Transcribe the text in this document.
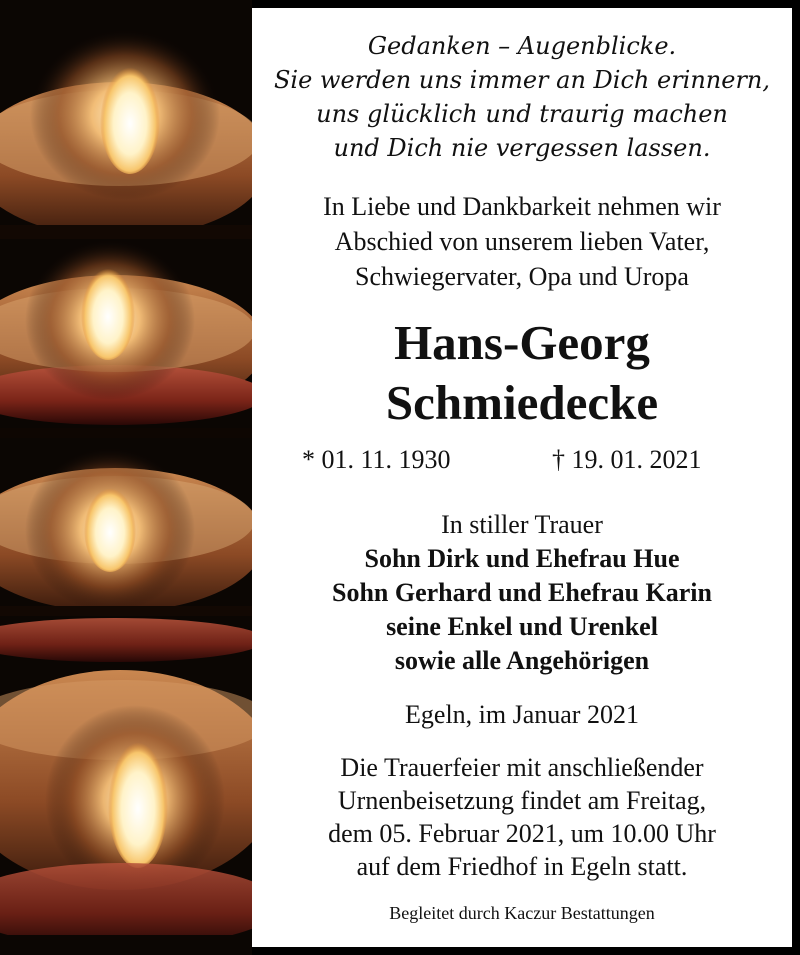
Gedanken – Augenblicke.
Sie werden uns immer an Dich erinnern,
uns glücklich und traurig machen
und Dich nie vergessen lassen.
In Liebe und Dankbarkeit nehmen wir
Abschied von unserem lieben Vater,
Schwiegervater, Opa und Uropa
Hans-Georg
Schmiedecke
* 01. 11. 1930	† 19. 01. 2021
In stiller Trauer
Sohn Dirk und Ehefrau Hue
Sohn Gerhard und Ehefrau Karin
seine Enkel und Urenkel
sowie alle Angehörigen
Egeln, im Januar 2021
Die Trauerfeier mit anschließender
Urnenbeisetzung findet am Freitag,
dem 05. Februar 2021, um 10.00 Uhr
auf dem Friedhof in Egeln statt.
Begleitet durch Kaczur Bestattungen
